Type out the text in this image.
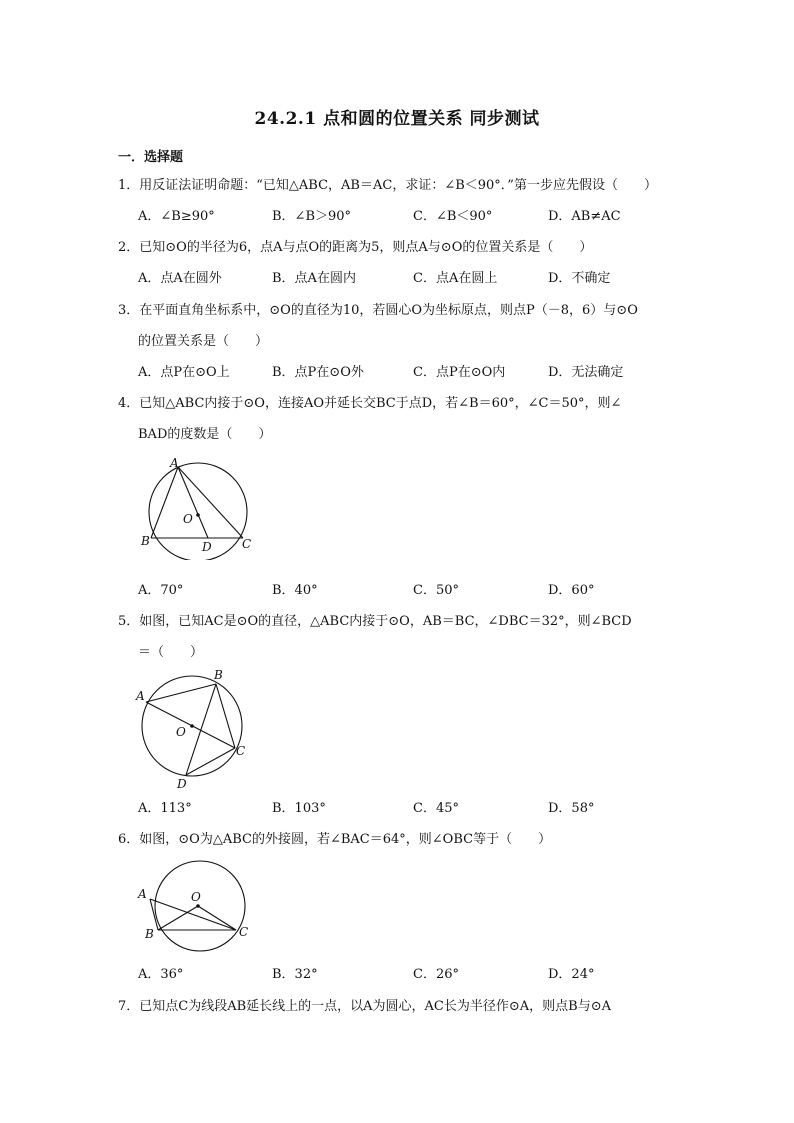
24.2.1 点和圆的位置关系 同步测试
一．选择题
1．用反证法证明命题：“已知△ABC，AB＝AC，求证：∠B＜90°．”第一步应先假设（　　）
A．∠B≥90°	B．∠B＞90°	C．∠B＜90°	D．AB≠AC
2．已知⊙O的半径为6，点A与点O的距离为5，则点A与⊙O的位置关系是（　　）
A．点A在圆外	B．点A在圆内	C．点A在圆上	D．不确定
3．在平面直角坐标系中，⊙O的直径为10，若圆心O为坐标原点，则点P（－8，6）与⊙O
的位置关系是（　　）
A．点P在⊙O上	B．点P在⊙O外	C．点P在⊙O内	D．无法确定
4．已知△ABC内接于⊙O，连接AO并延长交BC于点D，若∠B＝60°，∠C＝50°，则∠
BAD的度数是（　　）
A
O
B	D	C
A．70°	B．40°	C．50°	D．60°
5．如图，已知AC是⊙O的直径，△ABC内接于⊙O，AB＝BC，∠DBC＝32°，则∠BCD
＝（　　）
A
B
O
C
D
A．113°	B．103°	C．45°	D．58°
6．如图，⊙O为△ABC的外接圆，若∠BAC＝64°，则∠OBC等于（　　）
A	O
B	C
A．36°	B．32°	C．26°	D．24°
7．已知点C为线段AB延长线上的一点，以A为圆心，AC长为半径作⊙A，则点B与⊙A
